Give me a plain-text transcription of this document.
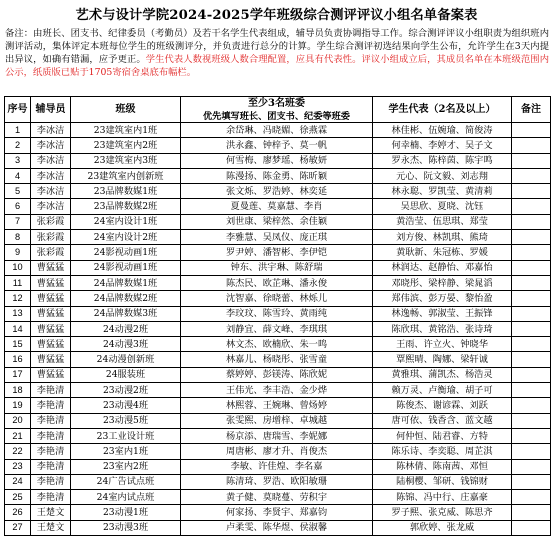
艺术与设计学院2024-2025学年班级综合测评评议小组名单备案表
备注：由班长、团支书、纪律委员（考勤员）及若干名学生代表组成，辅导员负责协调指导工作。综合测评评议小组职责为组织班内测评活动，集体评定本班每位学生的班级测评分，并负责进行总分的计算。学生综合测评初选结果向学生公布，允许学生在3天内提出异议，如确有错漏，应予更正。学生代表人数视班级人数合理配置，应具有代表性。评议小组成立后，其成员名单在本班级范围内公示，纸质版已贴于1705寄宿舍桌底布幅栏。
序号	辅导员	班级	至少3名班委	学生代表（2名及以上）	备注
			优先填写班长、团支书、纪委等班委		
1	李冰洁	23建筑室内1班	余岱琳、冯晓媚、徐燕霖	林佳彬、伍婉瑜、简俊涛	
2	李冰洁	23建筑室内2班	洪永鑫、钟梓予、莫一帆	何幸楠、李婷才、吴子文	
3	李冰洁	23建筑室内3班	何雪梅、廖梦瑶、杨敏妍	罗永杰、陈梓茵、陈宇鸣	
4	李冰洁	23建筑室内创新班	陈漫扬、陈金勇、陈昕颖	元心、阮文毅、刘志翔	
5	李冰洁	23品牌数媒1班	张文烁、罗浩婷、林奕延	林永聪、罗凯莹、黄清莉	
6	李冰洁	23品牌数媒2班	夏曼莲、莫嘉慧、李肖	吴思欣、夏晓、沈钰	
7	张彩霞	24室内设计1班	刘世康、梁梓然、余佳颖	黄浩莹、伍思琪、郑莹	
8	张彩霞	24室内设计2班	李雅慧、吴凤仪、庞正琪	刘方俊、林凯琪、熊琦	
9	张彩霞	24影视动画1班	罗尹婷、潘智彬、李伊铠	黄耿新、朱冠栋、罗媛	
10	曹猛猛	24影视动画1班	钟东、洪宇琳、陈舒瑞	林润达、赵静怡、邓嘉怡	
11	曹猛猛	24品牌数媒1班	陈杰民、欧芷琳、潘永俊	邓晓彤、梁梓静、梁晁滔	
12	曹猛猛	24品牌数媒2班	沈智嘉、徐晓蕾、林烁儿	郑伟滨、彭万晏、黎怡盈	
13	曹猛猛	24品牌数媒3班	李玟玟、陈雪玲、黄雨纯	林逸畅、郭淑莹、王振锋	
14	曹猛猛	24动漫2班	刘静宜、薛文峰、李琪琪	陈欣琪、黄铭浩、张诗琦	
15	曹猛猛	24动漫3班	林文杰、欧楠欣、朱一鸣	王雨、许立火、钟晓华	
16	曹猛猛	24动漫创新班	林嘉儿、杨晓彤、张雪童	覃熙晴、陶娜、梁轩诚	
17	曹猛猛	24服装班	蔡婷婷、彭镁涛、陈欣妮	黄雅琪、蒲凯杰、杨浩灵	
18	李艳清	23动漫2班	王伟光、李丰浩、金少烨	赖万灵、卢衡瑜、胡子可	
19	李艳清	23动漫4班	林熙蓉、王婉琳、曾炀婷	陈俊杰、谢谚霖、刘跃	
20	李艳清	23动漫5班	张雯熙、房增梓、卓城越	唐可依、钱香含、蓝文越	
21	李艳清	23工业设计班	杨京添、唐瑞雪、李妮娜	何仲恒、陆君睿、方特	
22	李艳清	23室内1班	周唐彬、廖才升、肖俊杰	陈乐诗、李奕聪、周芷淇	
23	李艳清	23室内2班	李敏、许佳煌、李名嘉	陈林倩、陈南茜、邓恒	
24	李艳清	24广告试点班	陈清琦、罗浩、欧阳敏珊	陆桐樱、邹研、钱锦财	
25	李艳清	24室内试点班	黄子健、莫晓蔓、劳积宇	陈锦、冯中行、庄嘉豪	
26	王楚文	23动漫1班	何家扬、李贤宇、郑嘉钧	罗子熙、张克威、陈思齐	
27	王楚文	23动漫3班	卢柔雯、陈华煜、侯淑馨	郭欣婷、张龙威	
